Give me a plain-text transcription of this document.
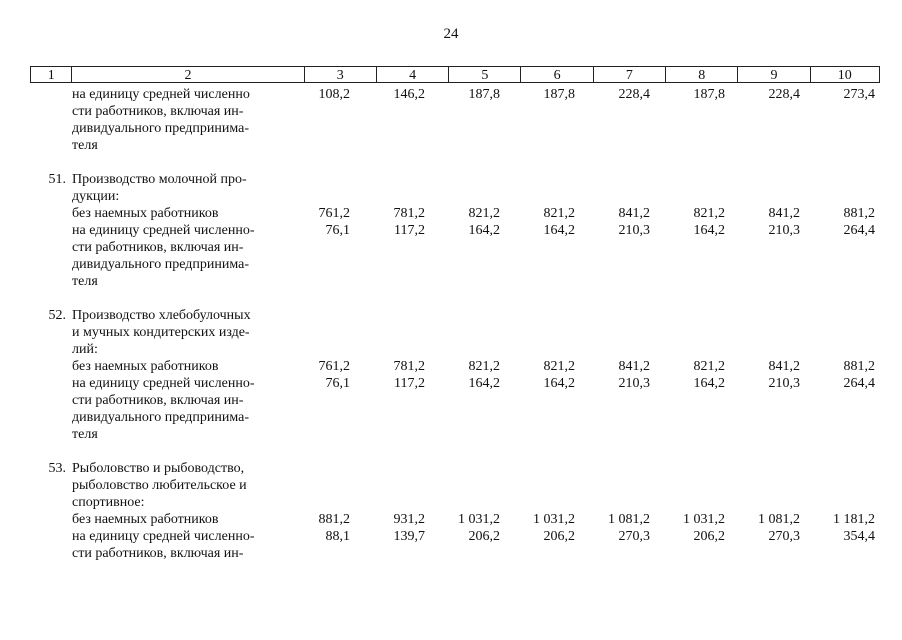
24
1	2	3	4	5	6	7	8	9	10
на единицу средней численно	108,2	146,2	187,8	187,8	228,4	187,8	228,4	273,4
сти работников, включая ин-
дивидуального предпринима-
теля
51. Производство молочной про-
дукции:
без наемных работников	761,2	781,2	821,2	821,2	841,2	821,2	841,2	881,2
на единицу средней численно-	76,1	117,2	164,2	164,2	210,3	164,2	210,3	264,4
сти работников, включая ин-
дивидуального предпринима-
теля
52. Производство хлебобулочных
и мучных кондитерских изде-
лий:
без наемных работников	761,2	781,2	821,2	821,2	841,2	821,2	841,2	881,2
на единицу средней численно-	76,1	117,2	164,2	164,2	210,3	164,2	210,3	264,4
сти работников, включая ин-
дивидуального предпринима-
теля
53. Рыболовство и рыбоводство,
рыболовство любительское и
спортивное:
без наемных работников	881,2	931,2	1 031,2	1 031,2	1 081,2	1 031,2	1 081,2	1 181,2
на единицу средней численно-	88,1	139,7	206,2	206,2	270,3	206,2	270,3	354,4
сти работников, включая ин-
